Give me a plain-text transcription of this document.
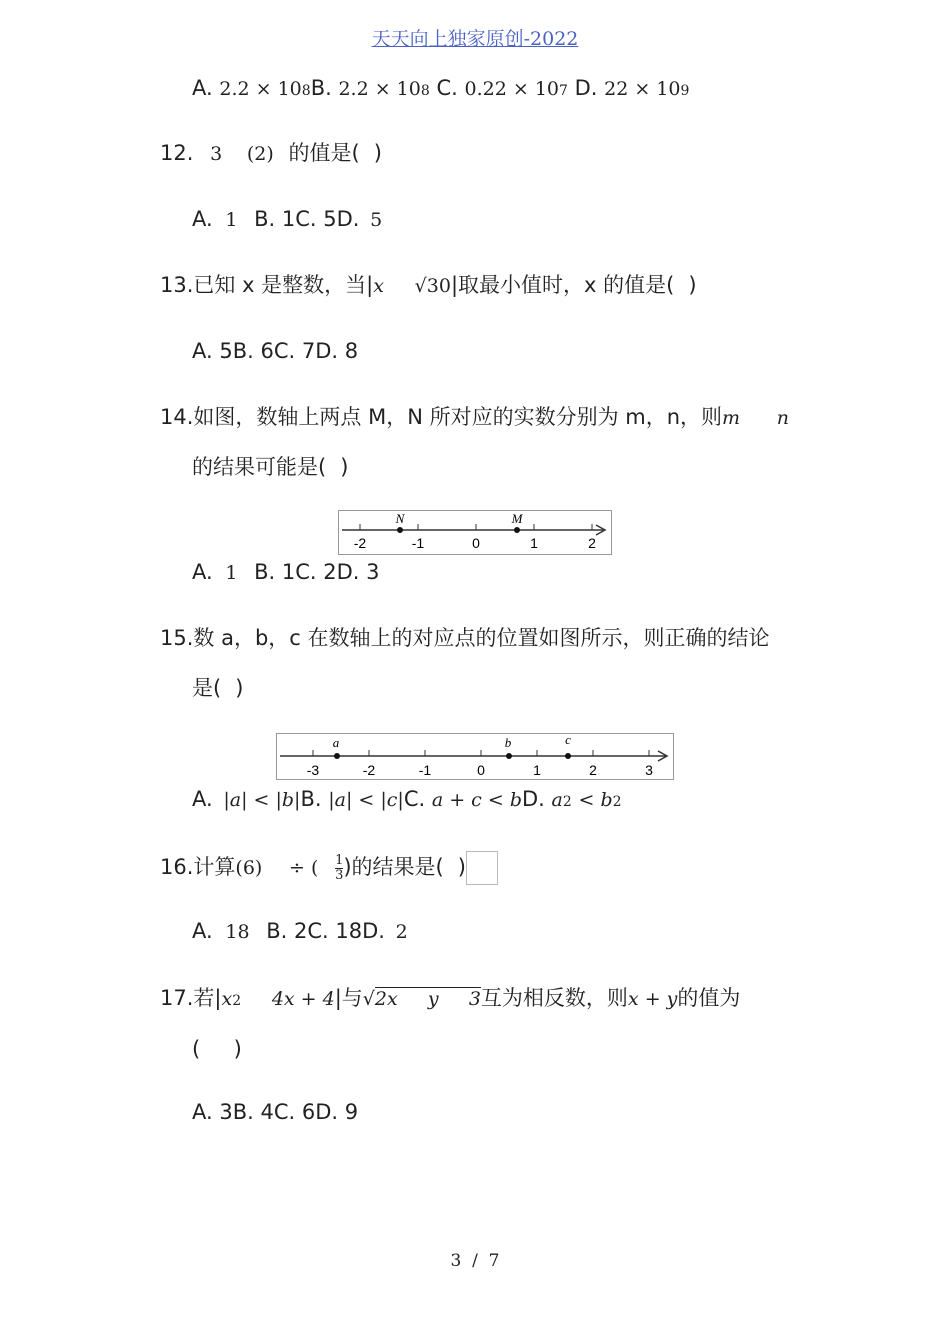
天天向上独家原创-2022
A. 2.2 × 108B. 2.2 × 108 C. 0.22 × 107 D. 22 × 109
12. 3 (2) 的值是( )
A. 1 B. 1C. 5D. 5
13.已知 x 是整数，当|x √30|取最小值时，x 的值是( )
A. 5B. 6C. 7D. 8
14.如图，数轴上两点 M，N 所对应的实数分别为 m，n，则m n
的结果可能是( )
-2	-1	0	1	2
N	M
A. 1 B. 1C. 2D. 3
15.数 a，b，c 在数轴上的对应点的位置如图所示，则正确的结论
是( )
-3	-2	-1	0	1	2	3
a	b	c
A. |a| < |b|B. |a| < |c|C. a + c < bD. a2 < b2
16.计算(6) ÷ ( $\frac{1}{3}$ )的结果是( )
A. 18 B. 2C. 18D. 2
17.若|x2 4x + 4|与√2x     y     3互为相反数，则x + y的值为
(     )
A. 3B. 4C. 6D. 9
3  /  7
